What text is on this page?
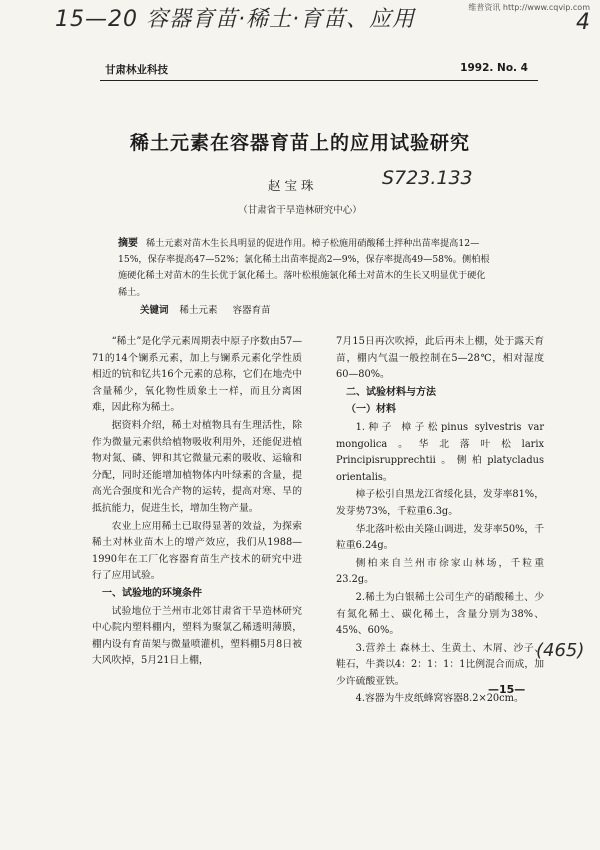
维普资讯 http://www.cqvip.com
15—20 容器育苗·稀土·育苗、应用	4
甘肃林业科技	1992. No. 4
稀土元素在容器育苗上的应用试验研究
赵宝珠	S723.133
（甘肃省干旱造林研究中心）
摘要 稀土元素对苗木生长具明显的促进作用。樟子松施用硝酸稀土拌种出苗率提高12—15%，保存率提高47—52%；氯化稀土出苗率提高2—9%，保存率提高49—58%。侧柏根施硬化稀土对苗木的生长优于氯化稀土。落叶松根施氯化稀土对苗木的生长又明显优于硬化稀土。
关键词 稀土元素 容器育苗

“稀土”是化学元素周期表中原子序数由57—71的14个镧系元素，加上与镧系元素化学性质相近的钪和钇共16个元素的总称，它们在地壳中含量稀少，氧化物性质象土一样，而且分离困难，因此称为稀土。

据资料介绍，稀土对植物具有生理活性，除作为微量元素供给植物吸收利用外，还能促进植物对氮、磷、钾和其它微量元素的吸收、运输和分配，同时还能增加植物体内叶绿素的含量，提高光合强度和光合产物的运转，提高对寒、旱的抵抗能力，促进生长，增加生物产量。

农业上应用稀土已取得显著的效益，为探索稀土对林业苗木上的增产效应，我们从1988—1990年在工厂化容器育苗生产技术的研究中进行了应用试验。

一、试验地的环境条件

试验地位于兰州市北郊甘肃省干旱造林研究中心院内塑料棚内，塑料为聚氯乙稀透明薄膜，棚内设有育苗架与微量喷灌机，塑料棚5月8日被大风吹掉，5月21日上棚，

7月15日再次吹掉，此后再未上棚，处于露天育苗，棚内气温一般控制在5—28℃，相对湿度60—80%。

二、试验材料与方法
（一）材料

1.种子 樟子松pinus sylvestris var mongolica。华北落叶松larix Principisrupprechtii。侧柏platycladus orientalis。

樟子松引自黑龙江省绥化县，发芽率81%，发芽势73%，千粒重6.3g。

华北落叶松由关隆山调进，发芽率50%，千粒重6.24g。

侧柏来自兰州市徐家山林场，千粒重23.2g。

2.稀土为白银稀土公司生产的硝酸稀土、少有氮化稀土、碳化稀土，含量分别为38%、45%、60%。

3.营养土 森林土、生黄土、木屑、沙子、鞋石，牛粪以4：2：1：1：1比例混合而成，加少许硫酸亚铁。

4.容器为牛皮纸蜂窝容器8.2×20cm。

(465)
—15—
